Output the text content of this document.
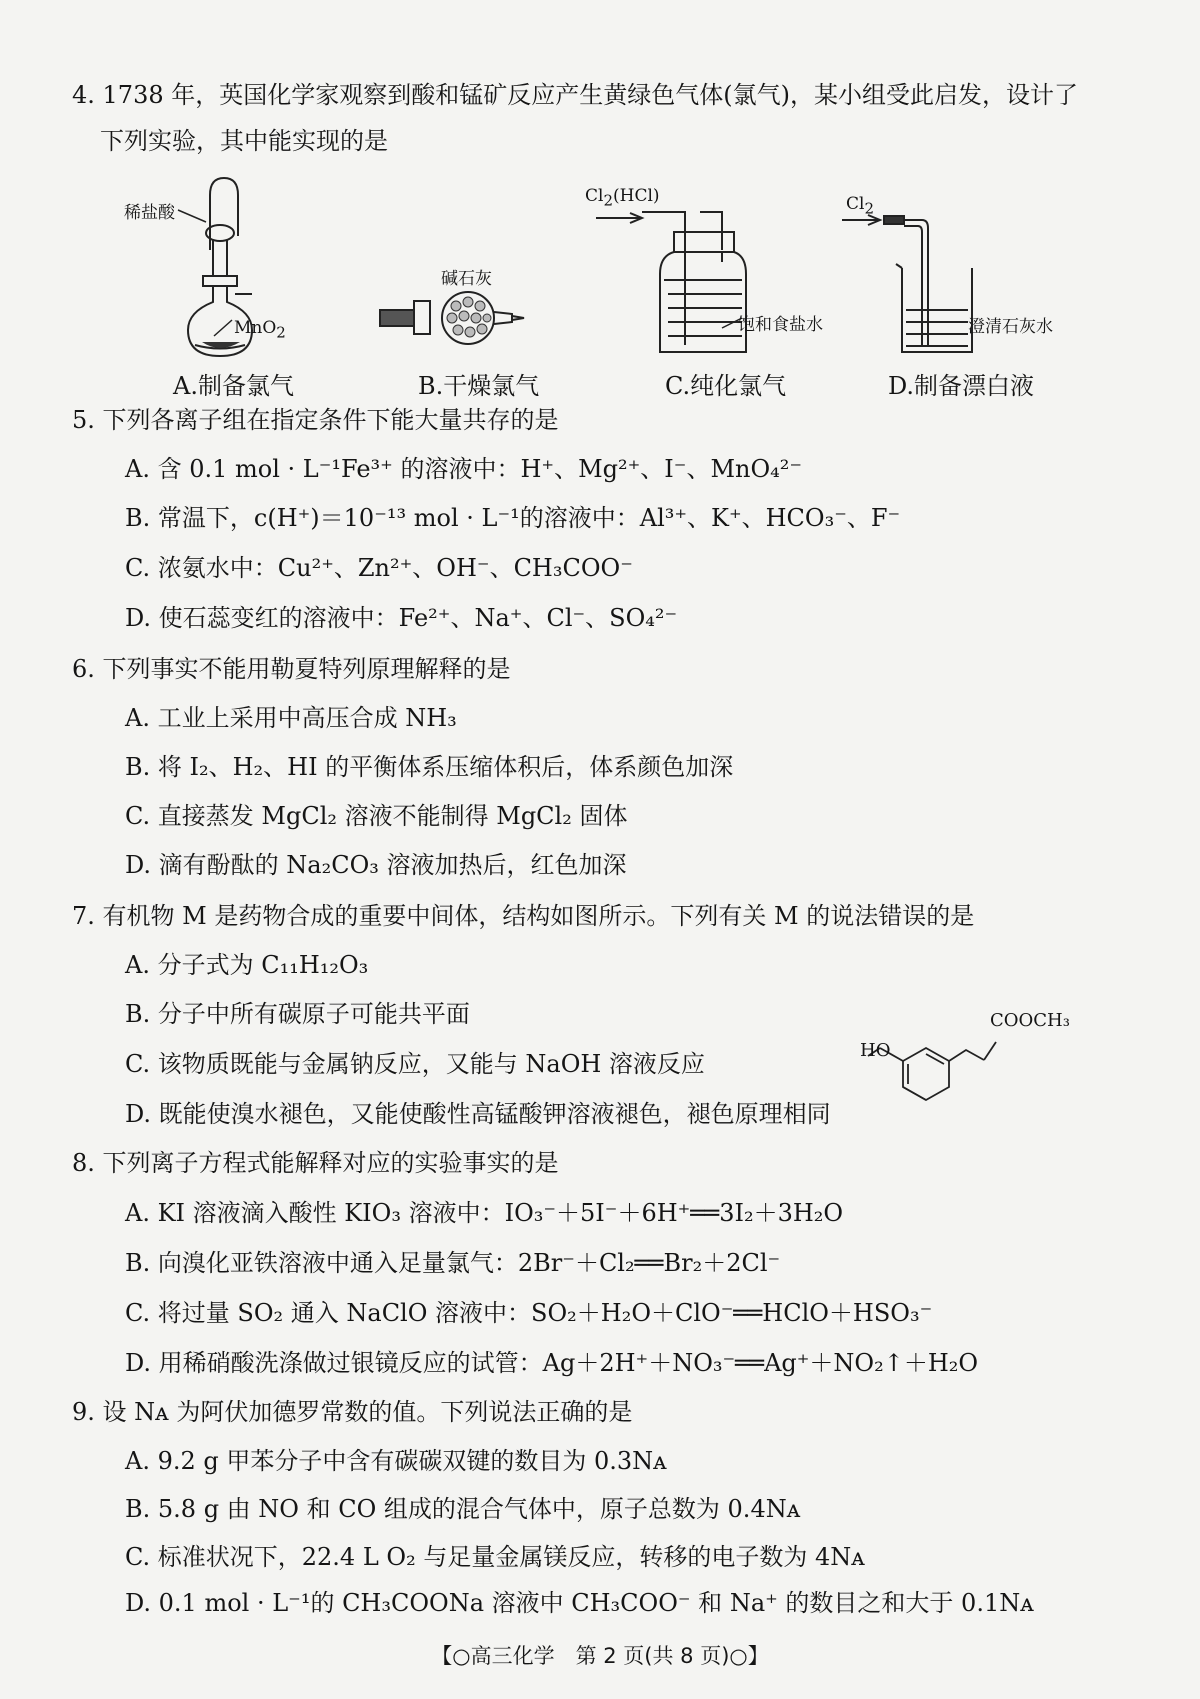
4. 1738 年，英国化学家观察到酸和锰矿反应产生黄绿色气体(氯气)，某小组受此启发，设计了
下列实验，其中能实现的是
稀盐酸
MnO$_2$
A.制备氯气
碱石灰
B.干燥氯气
$Cl_2(HCl)$
饱和食盐水
C.纯化氯气
$Cl_2$
澄清石灰水
D.制备漂白液
5. 下列各离子组在指定条件下能大量共存的是
A. 含 0.1 mol · L⁻¹Fe³⁺ 的溶液中：H⁺、Mg²⁺、I⁻、MnO₄²⁻
B. 常温下，c(H⁺)＝10⁻¹³ mol · L⁻¹的溶液中：Al³⁺、K⁺、HCO₃⁻、F⁻
C. 浓氨水中：Cu²⁺、Zn²⁺、OH⁻、CH₃COO⁻
D. 使石蕊变红的溶液中：Fe²⁺、Na⁺、Cl⁻、SO₄²⁻
6. 下列事实不能用勒夏特列原理解释的是
A. 工业上采用中高压合成 NH₃
B. 将 I₂、H₂、HI 的平衡体系压缩体积后，体系颜色加深
C. 直接蒸发 MgCl₂ 溶液不能制得 MgCl₂ 固体
D. 滴有酚酞的 Na₂CO₃ 溶液加热后，红色加深
7. 有机物 M 是药物合成的重要中间体，结构如图所示。下列有关 M 的说法错误的是
A. 分子式为 C₁₁H₁₂O₃
B. 分子中所有碳原子可能共平面
C. 该物质既能与金属钠反应，又能与 NaOH 溶液反应
D. 既能使溴水褪色，又能使酸性高锰酸钾溶液褪色，褪色原理相同
HO
COOCH₃
8. 下列离子方程式能解释对应的实验事实的是
A. KI 溶液滴入酸性 KIO₃ 溶液中：IO₃⁻＋5I⁻＋6H⁺══3I₂＋3H₂O
B. 向溴化亚铁溶液中通入足量氯气：2Br⁻＋Cl₂══Br₂＋2Cl⁻
C. 将过量 SO₂ 通入 NaClO 溶液中：SO₂＋H₂O＋ClO⁻══HClO＋HSO₃⁻
D. 用稀硝酸洗涤做过银镜反应的试管：Ag＋2H⁺＋NO₃⁻══Ag⁺＋NO₂↑＋H₂O
9. 设 Nᴀ 为阿伏加德罗常数的值。下列说法正确的是
A. 9.2 g 甲苯分子中含有碳碳双键的数目为 0.3Nᴀ
B. 5.8 g 由 NO 和 CO 组成的混合气体中，原子总数为 0.4Nᴀ
C. 标准状况下，22.4 L O₂ 与足量金属镁反应，转移的电子数为 4Nᴀ
D. 0.1 mol · L⁻¹的 CH₃COONa 溶液中 CH₃COO⁻ 和 Na⁺ 的数目之和大于 0.1Nᴀ
【○高三化学　第 2 页(共 8 页)○】
